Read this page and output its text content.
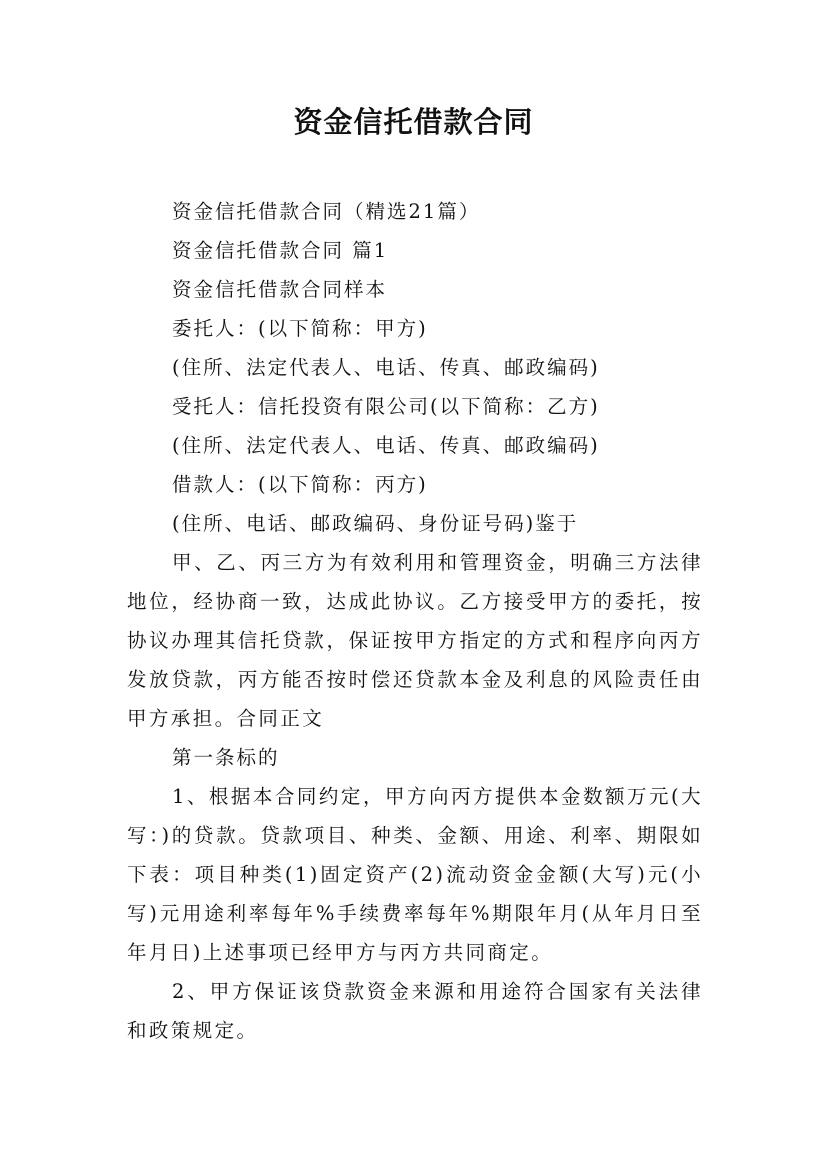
资金信托借款合同
资金信托借款合同（精选21篇）
资金信托借款合同 篇1
资金信托借款合同样本
委托人：(以下简称：甲方)
(住所、法定代表人、电话、传真、邮政编码)
受托人：信托投资有限公司(以下简称：乙方)
(住所、法定代表人、电话、传真、邮政编码)
借款人：(以下简称：丙方)
(住所、电话、邮政编码、身份证号码)鉴于
甲、乙、丙三方为有效利用和管理资金，明确三方法律地位，经协商一致，达成此协议。乙方接受甲方的委托，按协议办理其信托贷款，保证按甲方指定的方式和程序向丙方发放贷款，丙方能否按时偿还贷款本金及利息的风险责任由甲方承担。合同正文
第一条标的
1、根据本合同约定，甲方向丙方提供本金数额万元(大写：)的贷款。贷款项目、种类、金额、用途、利率、期限如下表：项目种类(1)固定资产(2)流动资金金额(大写)元(小写)元用途利率每年%手续费率每年%期限年月(从年月日至年月日)上述事项已经甲方与丙方共同商定。
2、甲方保证该贷款资金来源和用途符合国家有关法律和政策规定。
